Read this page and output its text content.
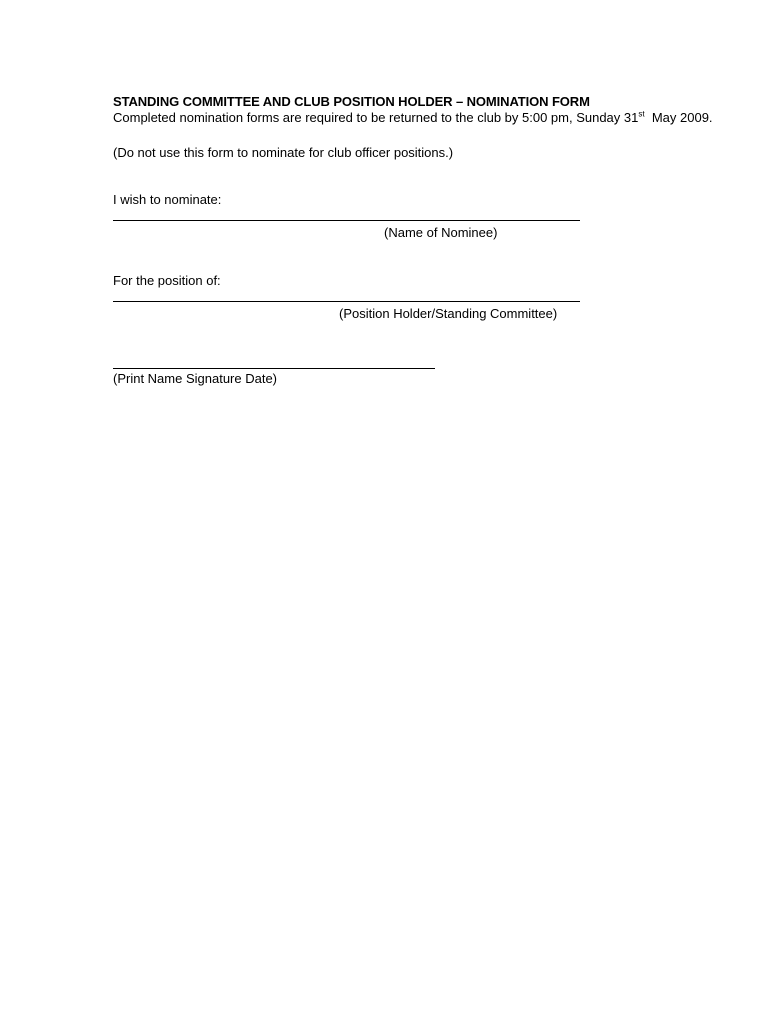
STANDING COMMITTEE AND CLUB POSITION HOLDER – NOMINATION FORM
Completed nomination forms are required to be returned to the club by 5:00 pm, Sunday 31st  May 2009.
(Do not use this form to nominate for club officer positions.)
I wish to nominate:
(Name of Nominee)
For the position of:
(Position Holder/Standing Committee)
(Print Name Signature Date)
